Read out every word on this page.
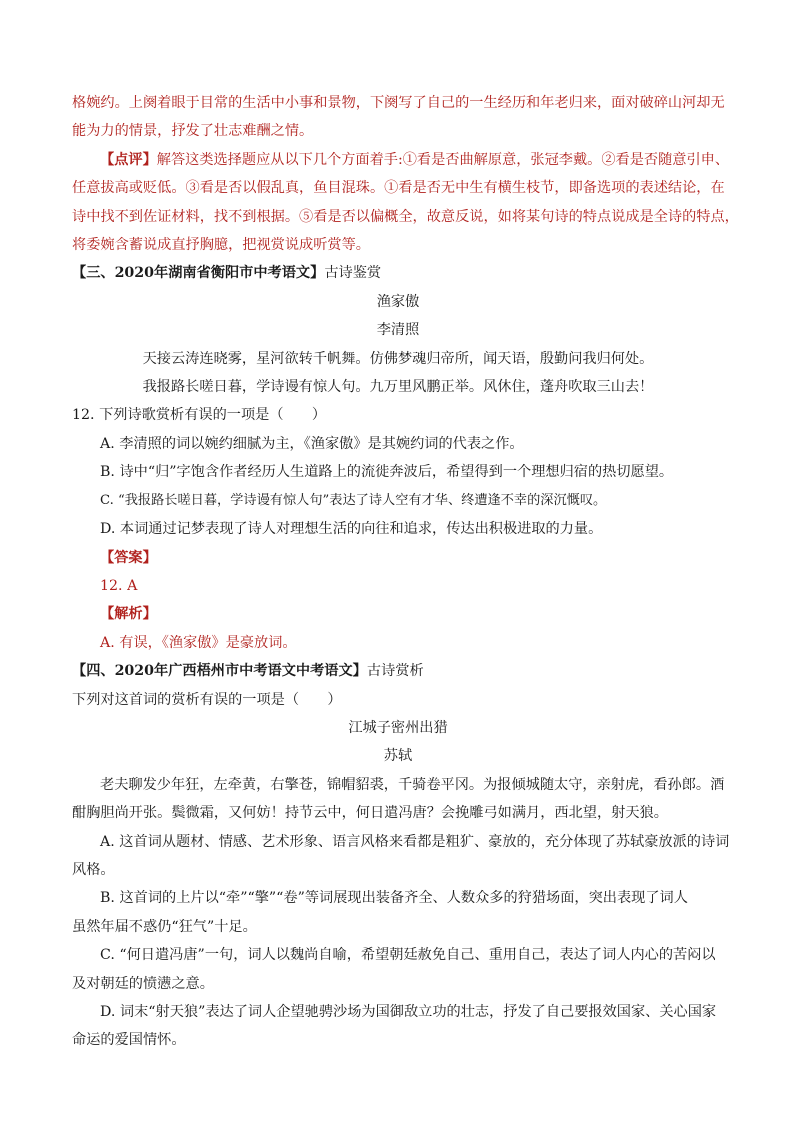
格婉约。上阕着眼于目常的生活中小事和景物，下阕写了自己的一生经历和年老归来，面对破碎山河却无

能为力的情景，抒发了壮志难酬之情。

【点评】解答这类选择题应从以下几个方面着手:①看是否曲解原意，张冠李戴。②看是否随意引申、

任意拔高或贬低。③看是否以假乱真，鱼目混珠。①看是否无中生有横生枝节，即备选项的表述结论，在

诗中找不到佐证材料，找不到根据。⑤看是否以偏概全，故意反说，如将某句诗的特点说成是全诗的特点，

将委婉含蓄说成直抒胸臆，把视赏说成听赏等。

【三、2020年湖南省衡阳市中考语文】古诗鉴赏

渔家傲

李清照

天接云涛连晓雾，星河欲转千帆舞。仿佛梦魂归帝所，闻天语，殷勤问我归何处。

我报路长嗟日暮，学诗谩有惊人句。九万里风鹏正举。风休住，蓬舟吹取三山去！

12. 下列诗歌赏析有误的一项是（　　）

A. 李清照的词以婉约细腻为主，《渔家傲》是其婉约词的代表之作。

B. 诗中“归”字饱含作者经历人生道路上的流徙奔波后，希望得到一个理想归宿的热切愿望。

C. “我报路长嗟日暮，学诗谩有惊人句”表达了诗人空有才华、终遭逢不幸的深沉慨叹。

D. 本词通过记梦表现了诗人对理想生活的向往和追求，传达出积极进取的力量。

【答案】

12. A

【解析】

A. 有误，《渔家傲》是豪放词。

【四、2020年广西梧州市中考语文中考语文】古诗赏析

下列对这首词的赏析有误的一项是（　　）

江城子密州出猎

苏轼

老夫聊发少年狂，左牵黄，右擎苍，锦帽貂裘，千骑卷平冈。为报倾城随太守，亲射虎，看孙郎。酒

酣胸胆尚开张。鬓微霜，又何妨！持节云中，何日遣冯唐？会挽雕弓如满月，西北望，射天狼。

A. 这首词从题材、情感、艺术形象、语言风格来看都是粗犷、豪放的，充分体现了苏轼豪放派的诗词

风格。

B. 这首词的上片以“牵”“擎”“卷”等词展现出装备齐全、人数众多的狩猎场面，突出表现了词人

虽然年届不惑仍“狂气”十足。

C. “何日遣冯唐”一句，词人以魏尚自喻，希望朝廷赦免自己、重用自己，表达了词人内心的苦闷以

及对朝廷的愤懑之意。

D. 词末“射天狼”表达了词人企望驰骋沙场为国御敌立功的壮志，抒发了自己要报效国家、关心国家

命运的爱国情怀。
